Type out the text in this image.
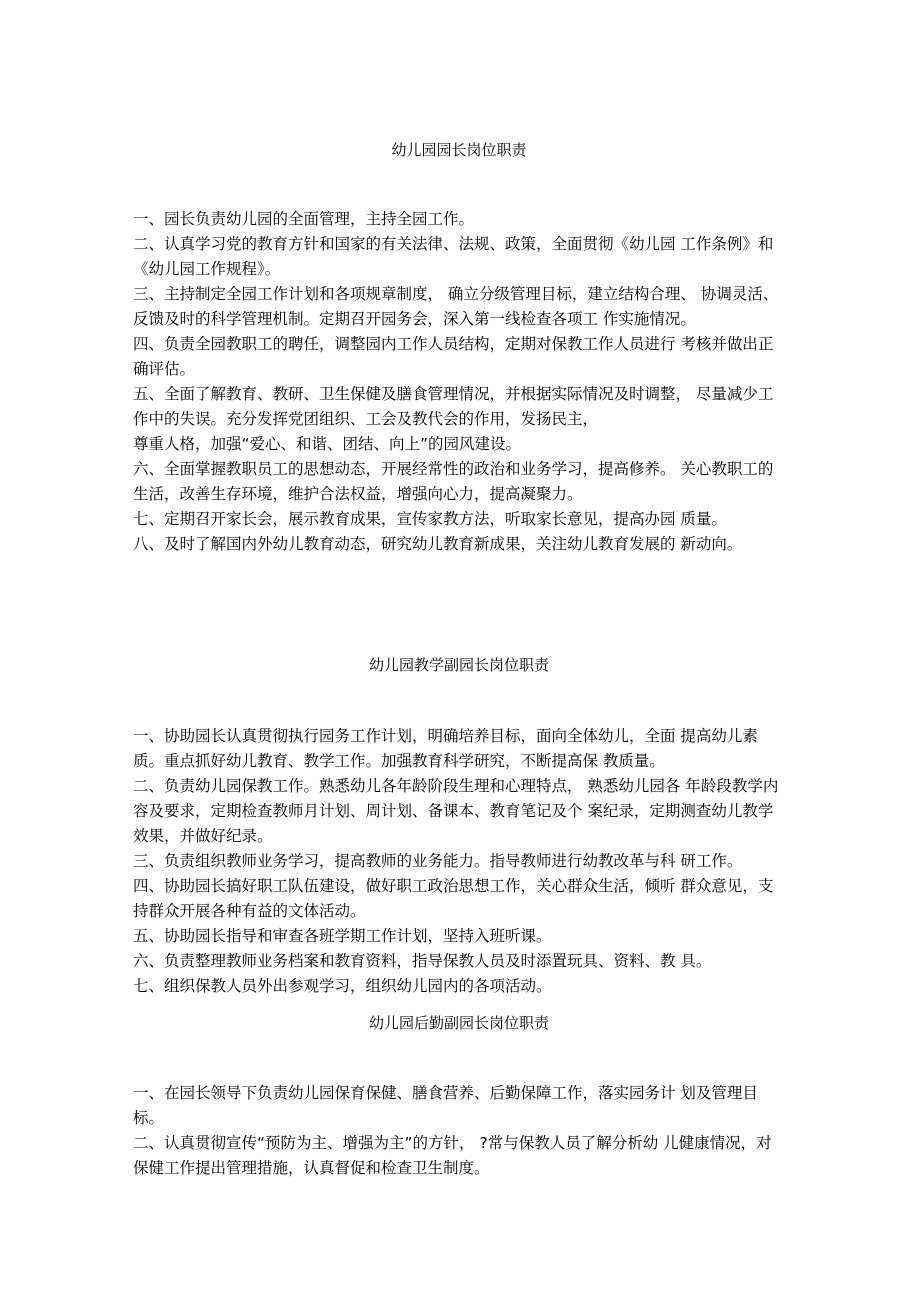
幼儿园园长岗位职责

一、园长负责幼儿园的全面管理，主持全园工作。

二、认真学习党的教育方针和国家的有关法律、法规、政策，全面贯彻《幼儿园 工作条例》和《幼儿园工作规程》。

三、主持制定全园工作计划和各项规章制度， 确立分级管理目标，建立结构合理、 协调灵活、反馈及时的科学管理机制。定期召开园务会，深入第一线检查各项工 作实施情况。

四、负责全园教职工的聘任，调整园内工作人员结构，定期对保教工作人员进行 考核并做出正确评估。

五、全面了解教育、教研、卫生保健及膳食管理情况，并根据实际情况及时调整， 尽量减少工作中的失误。充分发挥党团组织、工会及教代会的作用，发扬民主，

尊重人格，加强“爱心、和谐、团结、向上”的园风建设。

六、全面掌握教职员工的思想动态，开展经常性的政治和业务学习，提高修养。 关心教职工的生活，改善生存环境，维护合法权益，增强向心力，提高凝聚力。

七、定期召开家长会，展示教育成果，宣传家教方法，听取家长意见，提高办园 质量。

八、及时了解国内外幼儿教育动态，研究幼儿教育新成果，关注幼儿教育发展的 新动向。

幼儿园教学副园长岗位职责

一、协助园长认真贯彻执行园务工作计划，明确培养目标，面向全体幼儿，全面 提高幼儿素质。重点抓好幼儿教育、教学工作。加强教育科学研究，不断提高保 教质量。

二、负责幼儿园保教工作。熟悉幼儿各年龄阶段生理和心理特点， 熟悉幼儿园各 年龄段教学内容及要求，定期检查教师月计划、周计划、备课本、教育笔记及个 案纪录，定期测查幼儿教学效果，并做好纪录。

三、负责组织教师业务学习，提高教师的业务能力。指导教师进行幼教改革与科 研工作。

四、协助园长搞好职工队伍建设，做好职工政治思想工作，关心群众生活，倾听 群众意见，支持群众开展各种有益的文体活动。

五、协助园长指导和审查各班学期工作计划，坚持入班听课。

六、负责整理教师业务档案和教育资料，指导保教人员及时添置玩具、资料、教 具。

七、组织保教人员外出参观学习，组织幼儿园内的各项活动。

幼儿园后勤副园长岗位职责

一、在园长领导下负责幼儿园保育保健、膳食营养、后勤保障工作，落实园务计 划及管理目标。

二、认真贯彻宣传“预防为主、增强为主”的方针， ?常与保教人员了解分析幼 儿健康情况，对保健工作提出管理措施，认真督促和检查卫生制度。
